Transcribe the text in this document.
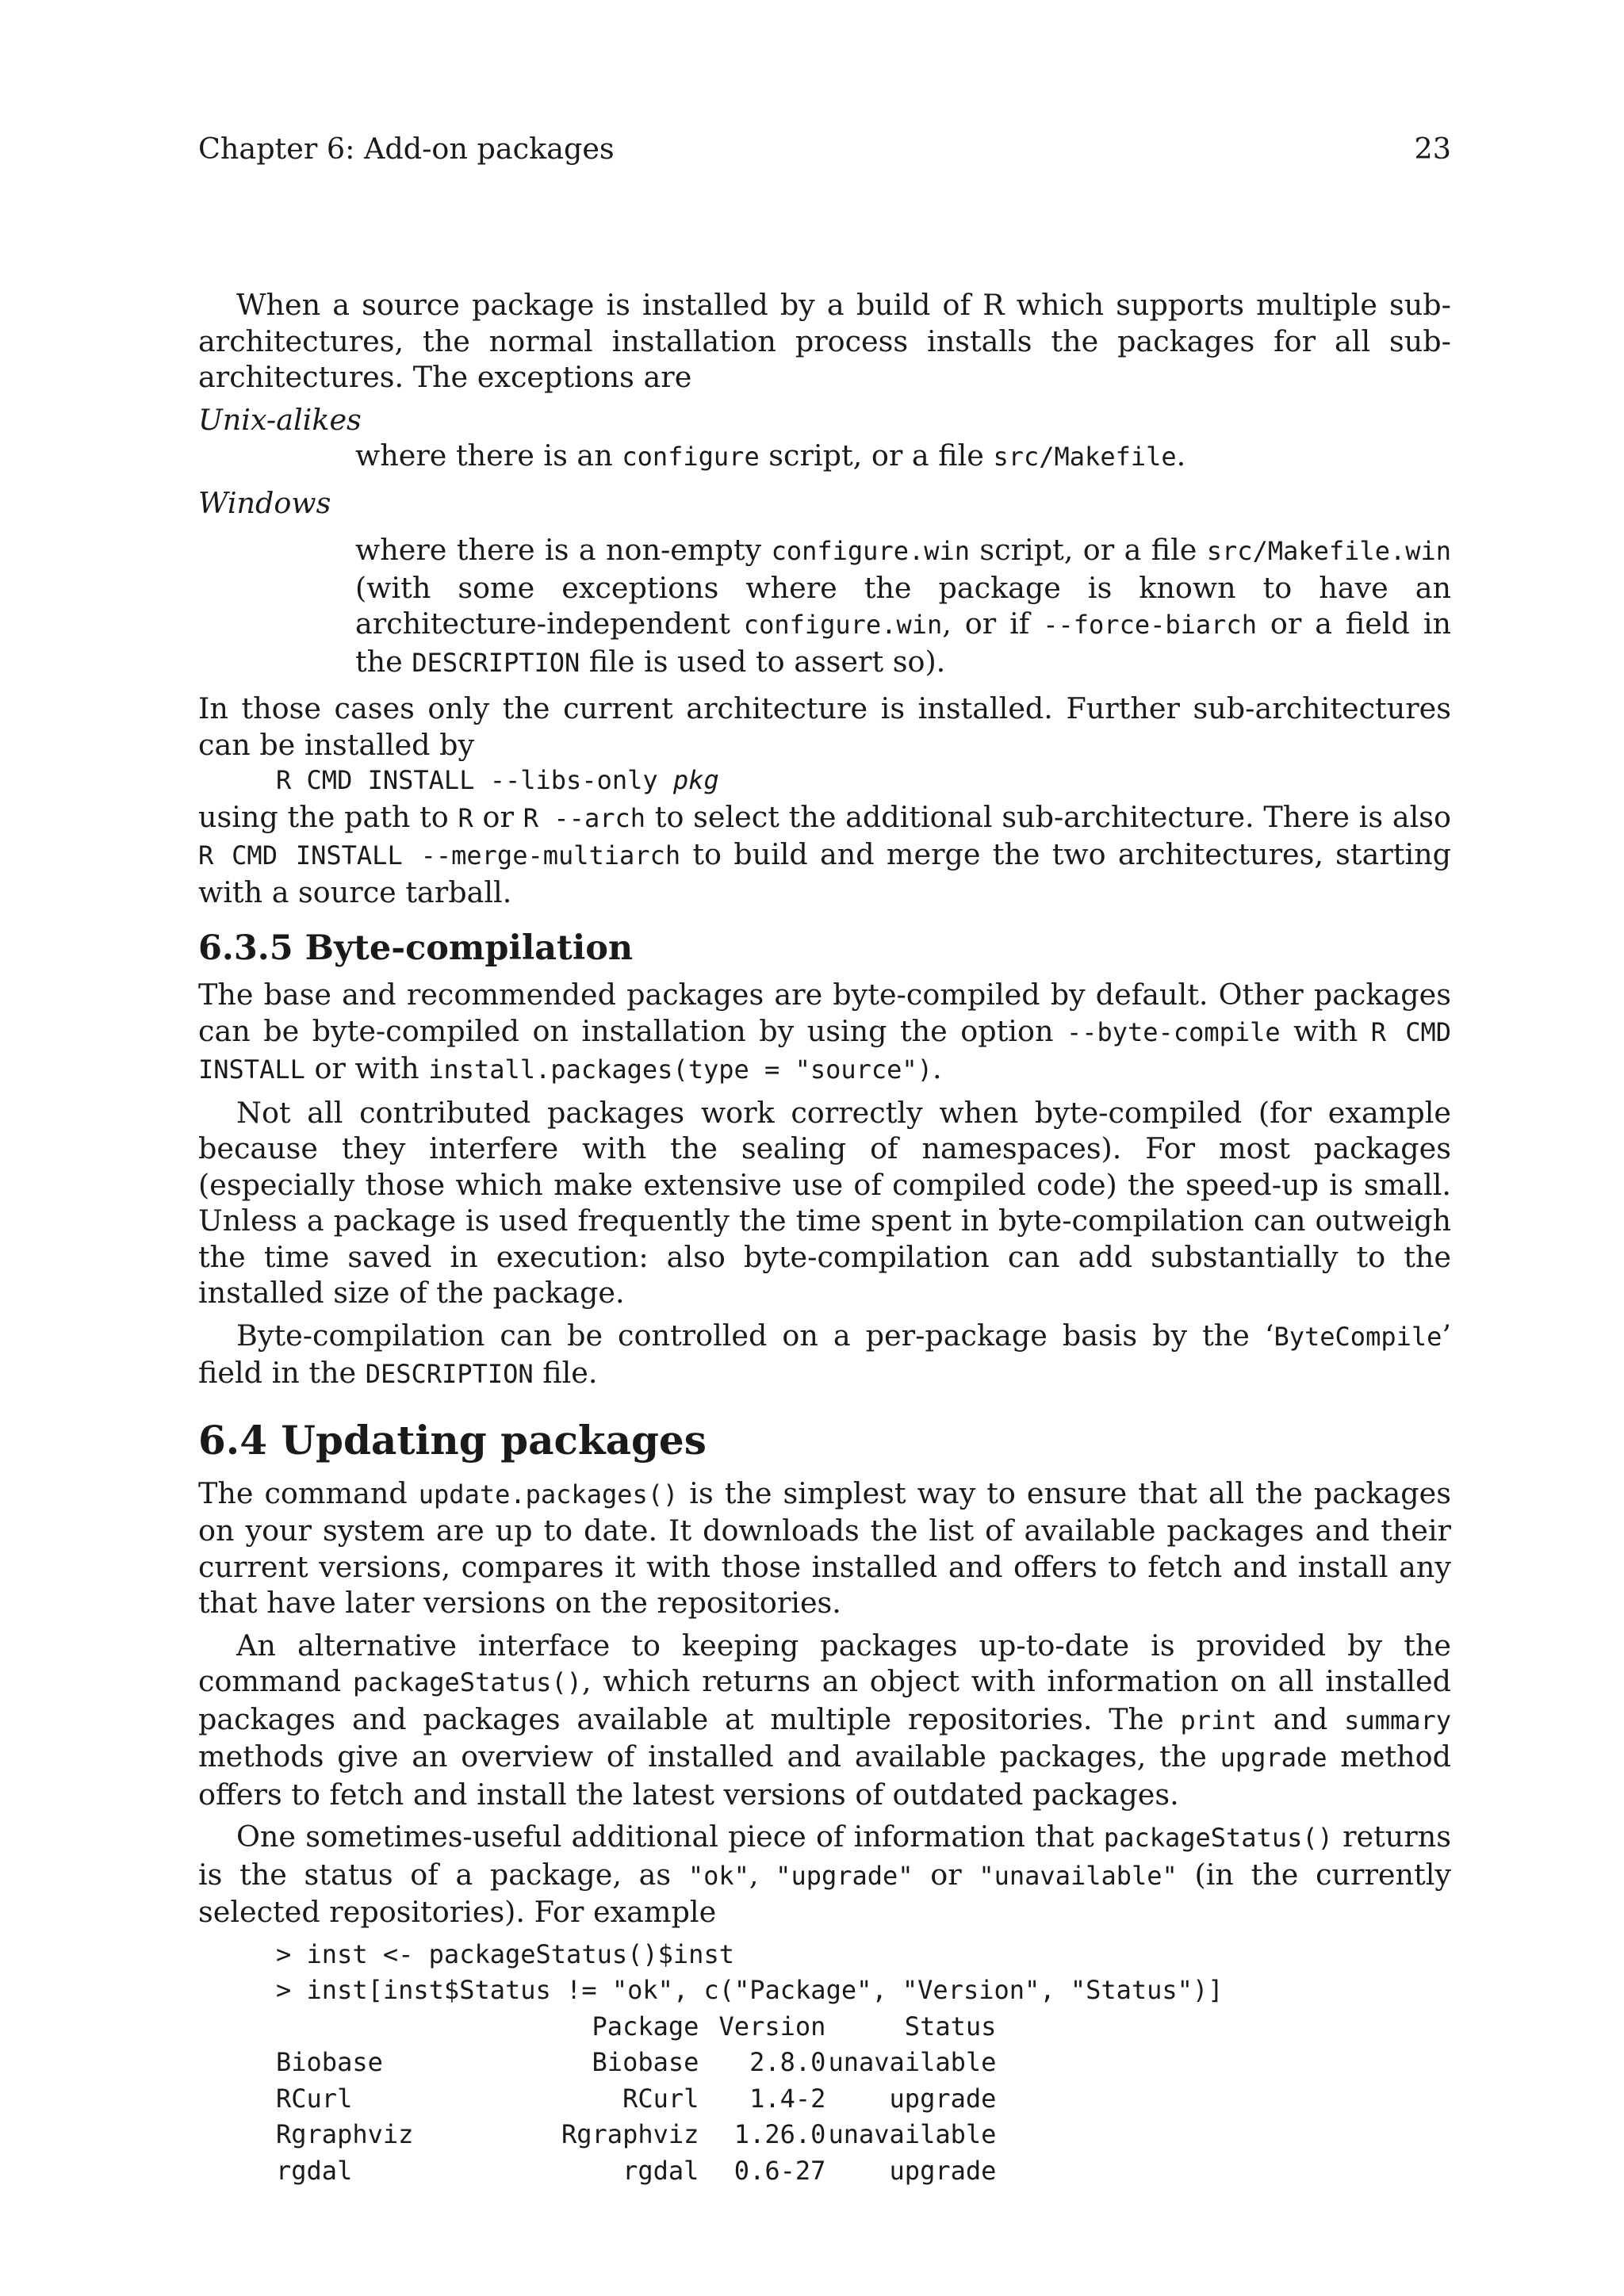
Chapter 6: Add-on packages	23

When a source package is installed by a build of R which supports multiple sub-architectures, the normal installation process installs the packages for all sub-architectures. The exceptions are

Unix-alikes
where there is an configure script, or a file src/Makefile.
Windows
where there is a non-empty configure.win script, or a file src/Makefile.win (with some exceptions where the package is known to have an architecture-independent configure.win, or if --force-biarch or a field in the DESCRIPTION file is used to assert so).

In those cases only the current architecture is installed. Further sub-architectures can be installed by

R CMD INSTALL --libs-only pkg

using the path to R or R --arch to select the additional sub-architecture. There is also R CMD INSTALL --merge-multiarch to build and merge the two architectures, starting with a source tarball.

6.3.5 Byte-compilation

The base and recommended packages are byte-compiled by default. Other packages can be byte-compiled on installation by using the option --byte-compile with R CMD INSTALL or with install.packages(type = "source").

Not all contributed packages work correctly when byte-compiled (for example because they interfere with the sealing of namespaces). For most packages (especially those which make extensive use of compiled code) the speed-up is small. Unless a package is used frequently the time spent in byte-compilation can outweigh the time saved in execution: also byte-compilation can add substantially to the installed size of the package.

Byte-compilation can be controlled on a per-package basis by the ‘ByteCompile’ field in the DESCRIPTION file.

6.4 Updating packages

The command update.packages() is the simplest way to ensure that all the packages on your system are up to date. It downloads the list of available packages and their current versions, compares it with those installed and offers to fetch and install any that have later versions on the repositories.

An alternative interface to keeping packages up-to-date is provided by the command packageStatus(), which returns an object with information on all installed packages and packages available at multiple repositories. The print and summary methods give an overview of installed and available packages, the upgrade method offers to fetch and install the latest versions of outdated packages.

One sometimes-useful additional piece of information that packageStatus() returns is the status of a package, as "ok", "upgrade" or "unavailable" (in the currently selected repositories). For example

> inst <- packageStatus()$inst
> inst[inst$Status != "ok", c("Package", "Version", "Status")]
	Package	Version	Status
Biobase	Biobase	2.8.0	unavailable
RCurl	RCurl	1.4-2	upgrade
Rgraphviz	Rgraphviz	1.26.0	unavailable
rgdal	rgdal	0.6-27	upgrade
